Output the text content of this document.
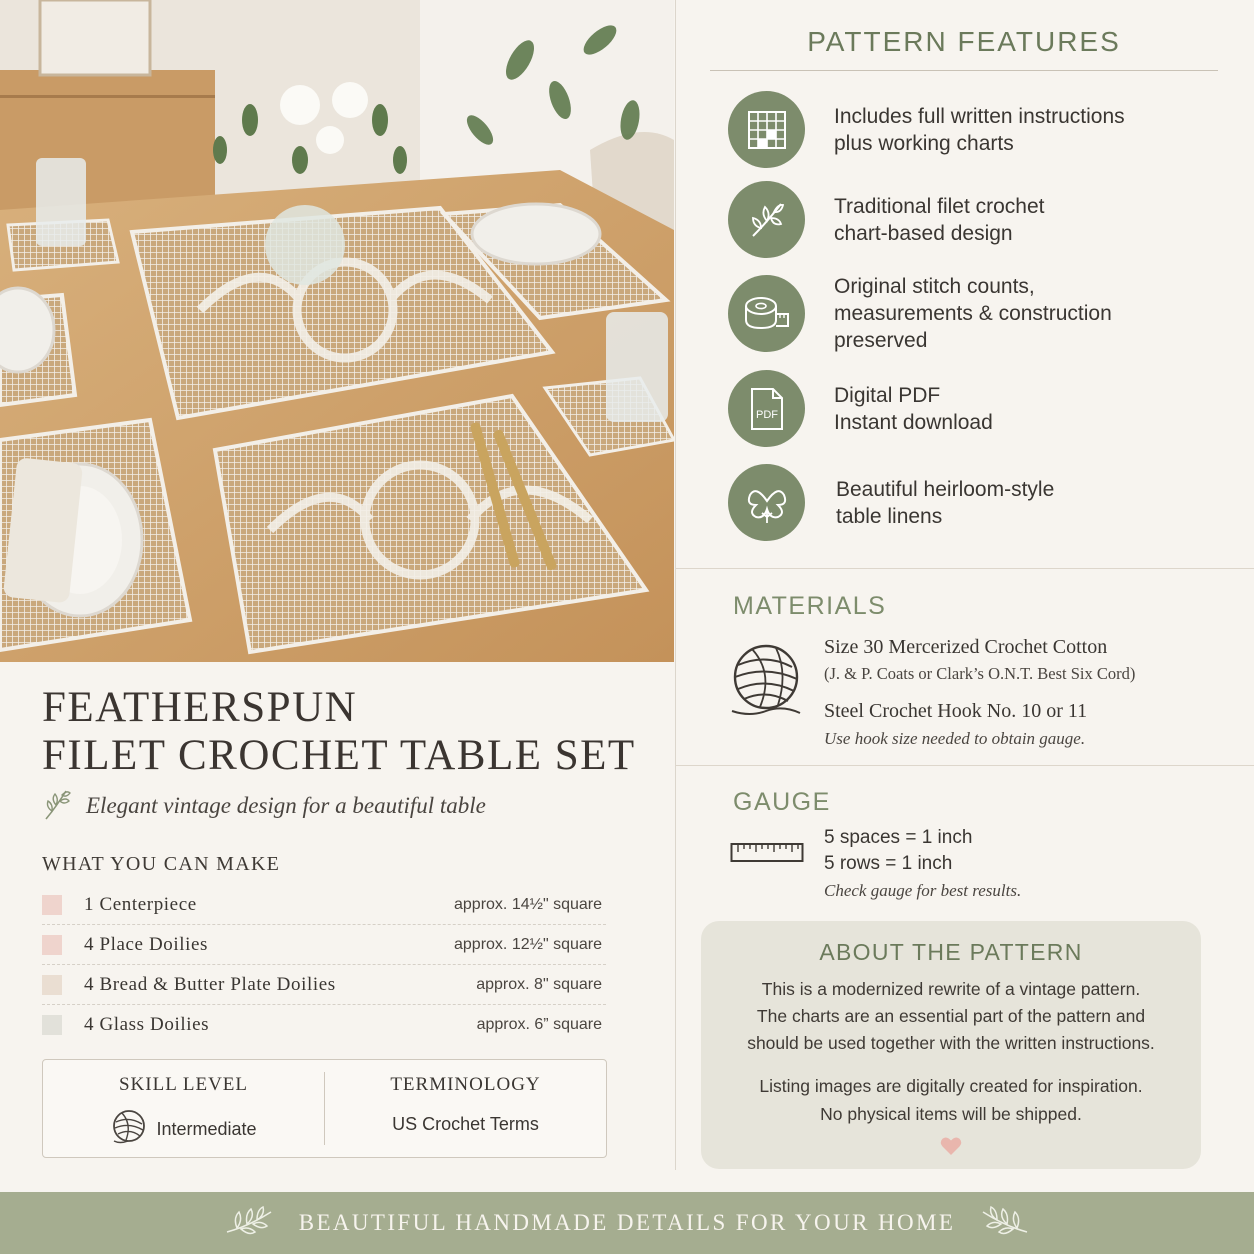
FEATHERSPUN
FILET CROCHET TABLE SET
Elegant vintage design for a beautiful table
WHAT YOU CAN MAKE
1 Centerpiece	approx. 14½" square
4 Place Doilies	approx. 12½" square
4 Bread & Butter Plate Doilies	approx. 8" square
4 Glass Doilies	approx. 6” square
SKILL LEVEL
Intermediate
TERMINOLOGY
US Crochet Terms
PATTERN FEATURES
Includes full written instructions
plus working charts
Traditional filet crochet
chart-based design
Original stitch counts,
measurements & construction
preserved
PDF
Digital PDF
Instant download
Beautiful heirloom-style
table linens
MATERIALS
Size 30 Mercerized Crochet Cotton
(J. & P. Coats or Clark’s O.N.T. Best Six Cord)
Steel Crochet Hook No. 10 or 11
Use hook size needed to obtain gauge.
GAUGE
5 spaces = 1 inch
5 rows = 1 inch
Check gauge for best results.
ABOUT THE PATTERN
This is a modernized rewrite of a vintage pattern.
The charts are an essential part of the pattern and
should be used together with the written instructions.
Listing images are digitally created for inspiration.
No physical items will be shipped.
BEAUTIFUL HANDMADE DETAILS FOR YOUR HOME
